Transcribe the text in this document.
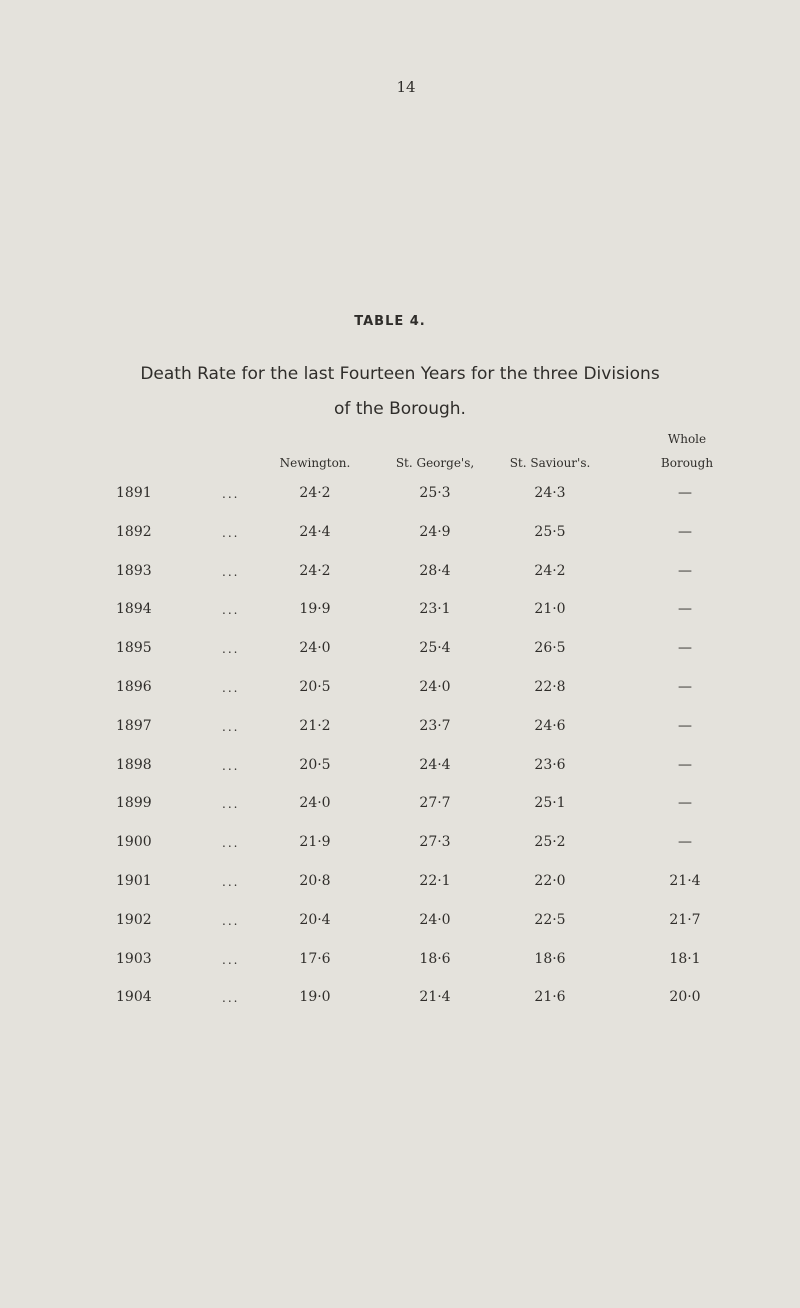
14
TABLE 4.
Death Rate for the last Fourteen Years for the three Divisions
of the Borough.
Newington.	St. George's,	St. Saviour's.
Whole
Borough
1891	...	24·2	25·3	24·3	—
1892	...	24·4	24·9	25·5	—
1893	...	24·2	28·4	24·2	—
1894	...	19·9	23·1	21·0	—
1895	...	24·0	25·4	26·5	—
1896	...	20·5	24·0	22·8	—
1897	...	21·2	23·7	24·6	—
1898	...	20·5	24·4	23·6	—
1899	...	24·0	27·7	25·1	—
1900	...	21·9	27·3	25·2	—
1901	...	20·8	22·1	22·0	21·4
1902	...	20·4	24·0	22·5	21·7
1903	...	17·6	18·6	18·6	18·1
1904	...	19·0	21·4	21·6	20·0
